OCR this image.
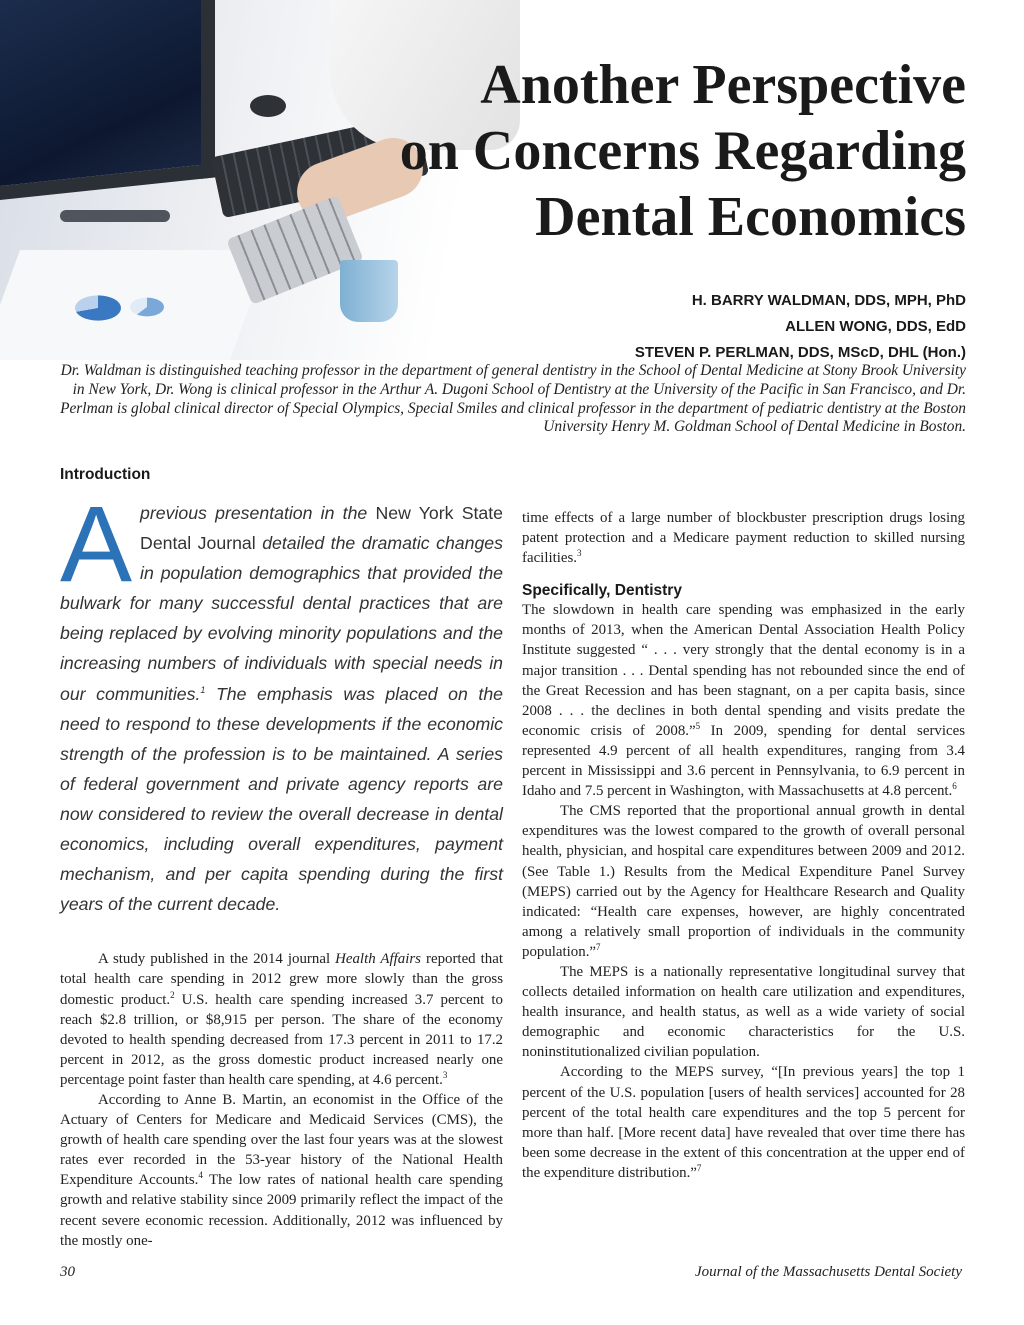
Another Perspective
on Concerns Regarding
Dental Economics
H. BARRY WALDMAN, DDS, MPH, PhD
ALLEN WONG, DDS, EdD
STEVEN P. PERLMAN, DDS, MScD, DHL (Hon.)

Dr. Waldman is distinguished teaching professor in the department of general dentistry in the School of Dental Medicine at Stony Brook University in New York, Dr. Wong is clinical professor in the Arthur A. Dugoni School of Dentistry at the University of the Pacific in San Francisco, and Dr. Perlman is global clinical director of Special Olympics, Special Smiles and clinical professor in the department of pediatric dentistry at the Boston University Henry M. Goldman School of Dental Medicine in Boston.

Introduction

A previous presentation in the New York State Dental Journal detailed the dramatic changes in population demographics that provided the bulwark for many successful dental practices that are being replaced by evolving minority populations and the increasing numbers of individuals with special needs in our communities.$^1$ The emphasis was placed on the need to respond to these developments if the economic strength of the profession is to be maintained. A series of federal government and private agency reports are now considered to review the overall decrease in dental economics, including overall expenditures, payment mechanism, and per capita spending during the first years of the current decade.

A study published in the 2014 journal Health Affairs reported that total health care spending in 2012 grew more slowly than the gross domestic product.$^2$ U.S. health care spending increased 3.7 percent to reach $2.8 trillion, or $8,915 per person. The share of the economy devoted to health spending decreased from 17.3 percent in 2011 to 17.2 percent in 2012, as the gross domestic product increased nearly one percentage point faster than health care spending, at 4.6 percent.$^3$

According to Anne B. Martin, an economist in the Office of the Actuary of Centers for Medicare and Medicaid Services (CMS), the growth of health care spending over the last four years was at the slowest rates ever recorded in the 53-year history of the National Health Expenditure Accounts.$^4$ The low rates of national health care spending growth and relative stability since 2009 primarily reflect the impact of the recent severe economic recession. Additionally, 2012 was influenced by the mostly one-

time effects of a large number of blockbuster prescription drugs losing patent protection and a Medicare payment reduction to skilled nursing facilities.$^3$

Specifically, Dentistry

The slowdown in health care spending was emphasized in the early months of 2013, when the American Dental Association Health Policy Institute suggested “ . . . very strongly that the dental economy is in a major transition . . . Dental spending has not rebounded since the end of the Great Recession and has been stagnant, on a per capita basis, since 2008 . . . the declines in both dental spending and visits predate the economic crisis of 2008.”$^5$ In 2009, spending for dental services represented 4.9 percent of all health expenditures, ranging from 3.4 percent in Mississippi and 3.6 percent in Pennsylvania, to 6.9 percent in Idaho and 7.5 percent in Washington, with Massachusetts at 4.8 percent.$^6$

The CMS reported that the proportional annual growth in dental expenditures was the lowest compared to the growth of overall personal health, physician, and hospital care expenditures between 2009 and 2012. (See Table 1.) Results from the Medical Expenditure Panel Survey (MEPS) carried out by the Agency for Healthcare Research and Quality indicated: “Health care expenses, however, are highly concentrated among a relatively small proportion of individuals in the community population.”$^7$

The MEPS is a nationally representative longitudinal survey that collects detailed information on health care utilization and expenditures, health insurance, and health status, as well as a wide variety of social demographic and economic characteristics for the U.S. noninstitutionalized civilian population.

According to the MEPS survey, “[In previous years] the top 1 percent of the U.S. population [users of health services] accounted for 28 percent of the total health care expenditures and the top 5 percent for more than half. [More recent data] have revealed that over time there has been some decrease in the extent of this concentration at the upper end of the expenditure distribution.”$^7$

30	Journal of the Massachusetts Dental Society
